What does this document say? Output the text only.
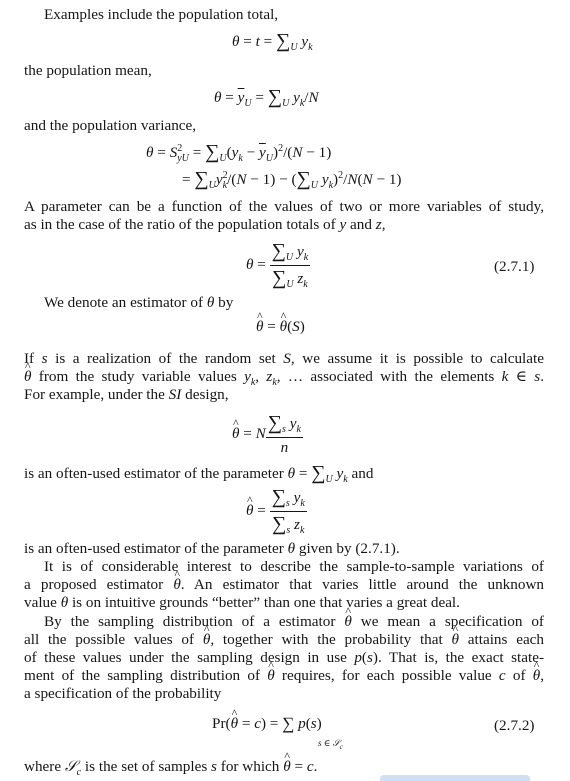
Examples include the population total,

$\theta = t = \sum_U$ $y_k$

the population mean,

$\theta = \overline{y}_U = \sum_U$ $y_k/N$

and the population variance,

$\theta = S^2_{yU} = \sum_U(y_k - \overline{y}_U)^2/(N - 1)$
= $\sum_Uy^2_k/(N - 1) - (\sum_U$ $y_k)^2/N(N - 1)$

A parameter can be a function of the values of two or more variables of study,

as in the case of the ratio of the population totals of y and z,

$\theta = \frac{\sum_U y_k}{\sum_U z_k}$	(2.7.1)

We denote an estimator of θ by

θ ^ = θ ^(S)

If s is a realization of the random set S, we assume it is possible to calculate

θ ^ from the study variable values $y_k$, $z_k$, … associated with the elements k ∈ s.

For example, under the SI design,

θ ^ = N $\frac{\sum_s y_k}{n}$

is an often-used estimator of the parameter $\theta = \sum_U$ $y_k$ and

θ ^ = $\frac{\sum_s y_k}{\sum_s z_k}$

is an often-used estimator of the parameter θ given by (2.7.1).

It is of considerable interest to describe the sample-to-sample variations of

a proposed estimator θ ^. An estimator that varies little around the unknown

value θ is on intuitive grounds “better” than one that varies a great deal.

By the sampling distribution of a estimator θ ^ we mean a specification of

all the possible values of θ ^, together with the probability that θ ^ attains each

of these values under the sampling design in use p(s). That is, the exact state-

ment of the sampling distribution of θ ^ requires, for each possible value c of θ ^,

a specification of the probability

Pr(θ ^ = c) = ∑ p(s)
s ∈ 𝒮$_c$
(2.7.2)

where 𝒮$_c$ is the set of samples s for which θ ^ = c.
